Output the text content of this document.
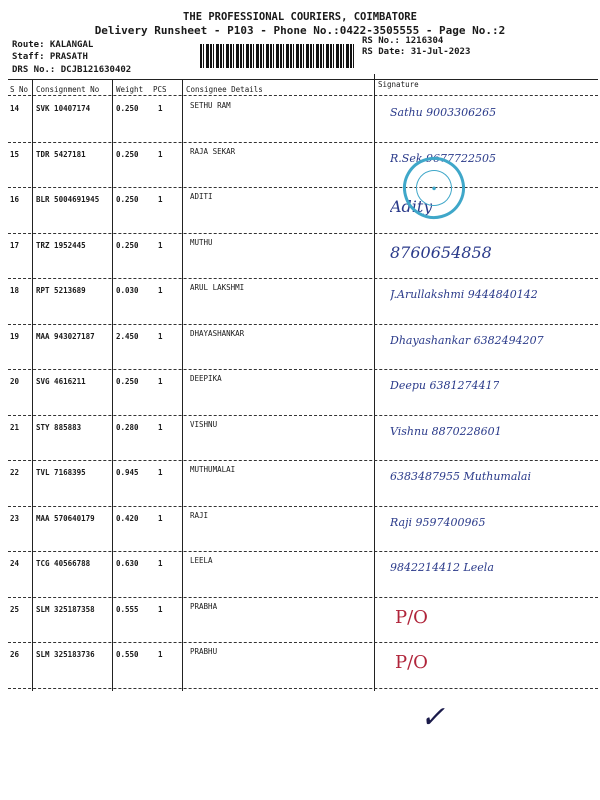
THE PROFESSIONAL COURIERS, COIMBATORE
Delivery Runsheet - P103 - Phone No.:0422-3505555 - Page No.:2
Route: KALANGAL
Staff: PRASATH
DRS No.: DCJB121630402
RS No.: 1216304
RS Date: 31-Jul-2023
S No Consignment No Weight PCS	Consignee Details
Signature
14 SVK 10407174	0.250	1	SETHU RAM
Sathu 9003306265
15 TDR 5427181	0.250	1	RAJA SEKAR
R.Sek 9677722505
16 BLR 5004691945 0.250	1	ADITI
Adity
17 TRZ 1952445	0.250	1	MUTHU
8760654858
18 RPT 5213689	0.030	1	ARUL LAKSHMI
J.Arullakshmi 9444840142
19 MAA 943027187	2.450	1	DHAYASHANKAR
Dhayashankar 6382494207
20 SVG 4616211	0.250	1	DEEPIKA
Deepu 6381274417
21 STY 885883	0.280	1	VISHNU
Vishnu 8870228601
22 TVL 7168395	0.945	1	MUTHUMALAI
6383487955 Muthumalai
23 MAA 570640179	0.420	1	RAJI
Raji 9597400965
24 TCG 40566788	0.630	1	LEELA
9842214412 Leela
25 SLM 325187358	0.555	1	PRABHA
P/O
26 SLM 325183736	0.550	1	PRABHU
P/O
●
✓
